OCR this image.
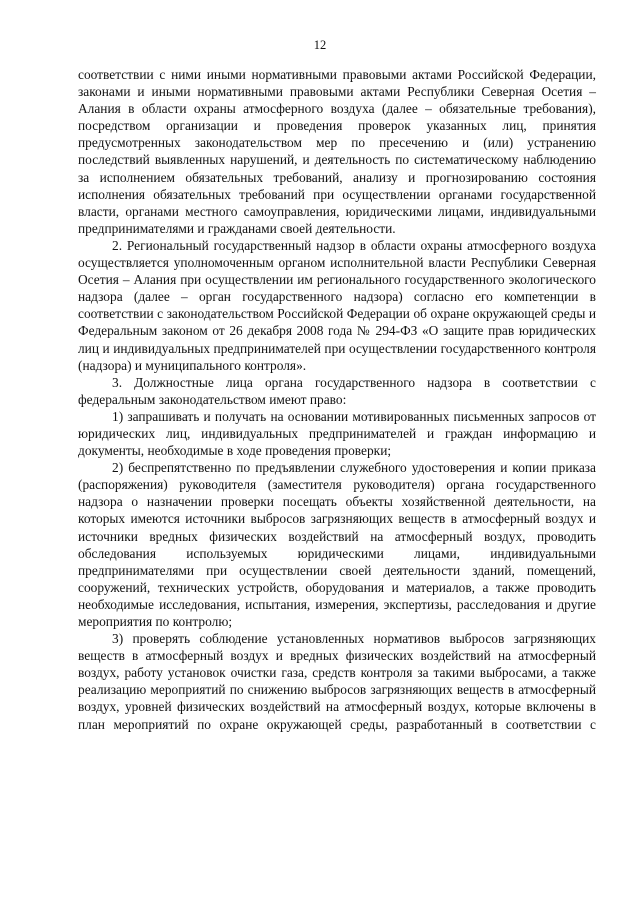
12

соответствии с ними иными нормативными правовыми актами Российской Федерации, законами и иными нормативными правовыми актами Республики Северная Осетия – Алания в области охраны атмосферного воздуха (далее – обязательные требования), посредством организации и проведения проверок указанных лиц, принятия предусмотренных законодательством мер по пресечению и (или) устранению последствий выявленных нарушений, и деятельность по систематическому наблюдению за исполнением обязательных требований, анализу и прогнозированию состояния исполнения обязательных требований при осуществлении органами государственной власти, органами местного самоуправления, юридическими лицами, индивидуальными предпринимателями и гражданами своей деятельности.

2. Региональный государственный надзор в области охраны атмосферного воздуха осуществляется уполномоченным органом исполнительной власти Республики Северная Осетия – Алания при осуществлении им регионального государственного экологического надзора (далее – орган государственного надзора) согласно его компетенции в соответствии с законодательством Российской Федерации об охране окружающей среды и Федеральным законом от 26 декабря 2008 года № 294-ФЗ «О защите прав юридических лиц и индивидуальных предпринимателей при осуществлении государственного контроля (надзора) и муниципального контроля».

3. Должностные лица органа государственного надзора в соответствии с федеральным законодательством имеют право:

1) запрашивать и получать на основании мотивированных письменных запросов от юридических лиц, индивидуальных предпринимателей и граждан информацию и документы, необходимые в ходе проведения проверки;

2) беспрепятственно по предъявлении служебного удостоверения и копии приказа (распоряжения) руководителя (заместителя руководителя) органа государственного надзора о назначении проверки посещать объекты хозяйственной деятельности, на которых имеются источники выбросов загрязняющих веществ в атмосферный воздух и источники вредных физических воздействий на атмосферный воздух, проводить обследования используемых юридическими лицами, индивидуальными предпринимателями при осуществлении своей деятельности зданий, помещений, сооружений, технических устройств, оборудования и материалов, а также проводить необходимые исследования, испытания, измерения, экспертизы, расследования и другие мероприятия по контролю;

3) проверять соблюдение установленных нормативов выбросов загрязняющих веществ в атмосферный воздух и вредных физических воздействий на атмосферный воздух, работу установок очистки газа, средств контроля за такими выбросами, а также реализацию мероприятий по снижению выбросов загрязняющих веществ в атмосферный воздух, уровней физических воздействий на атмосферный воздух, которые включены в план мероприятий по охране окружающей среды, разработанный в соответствии с
